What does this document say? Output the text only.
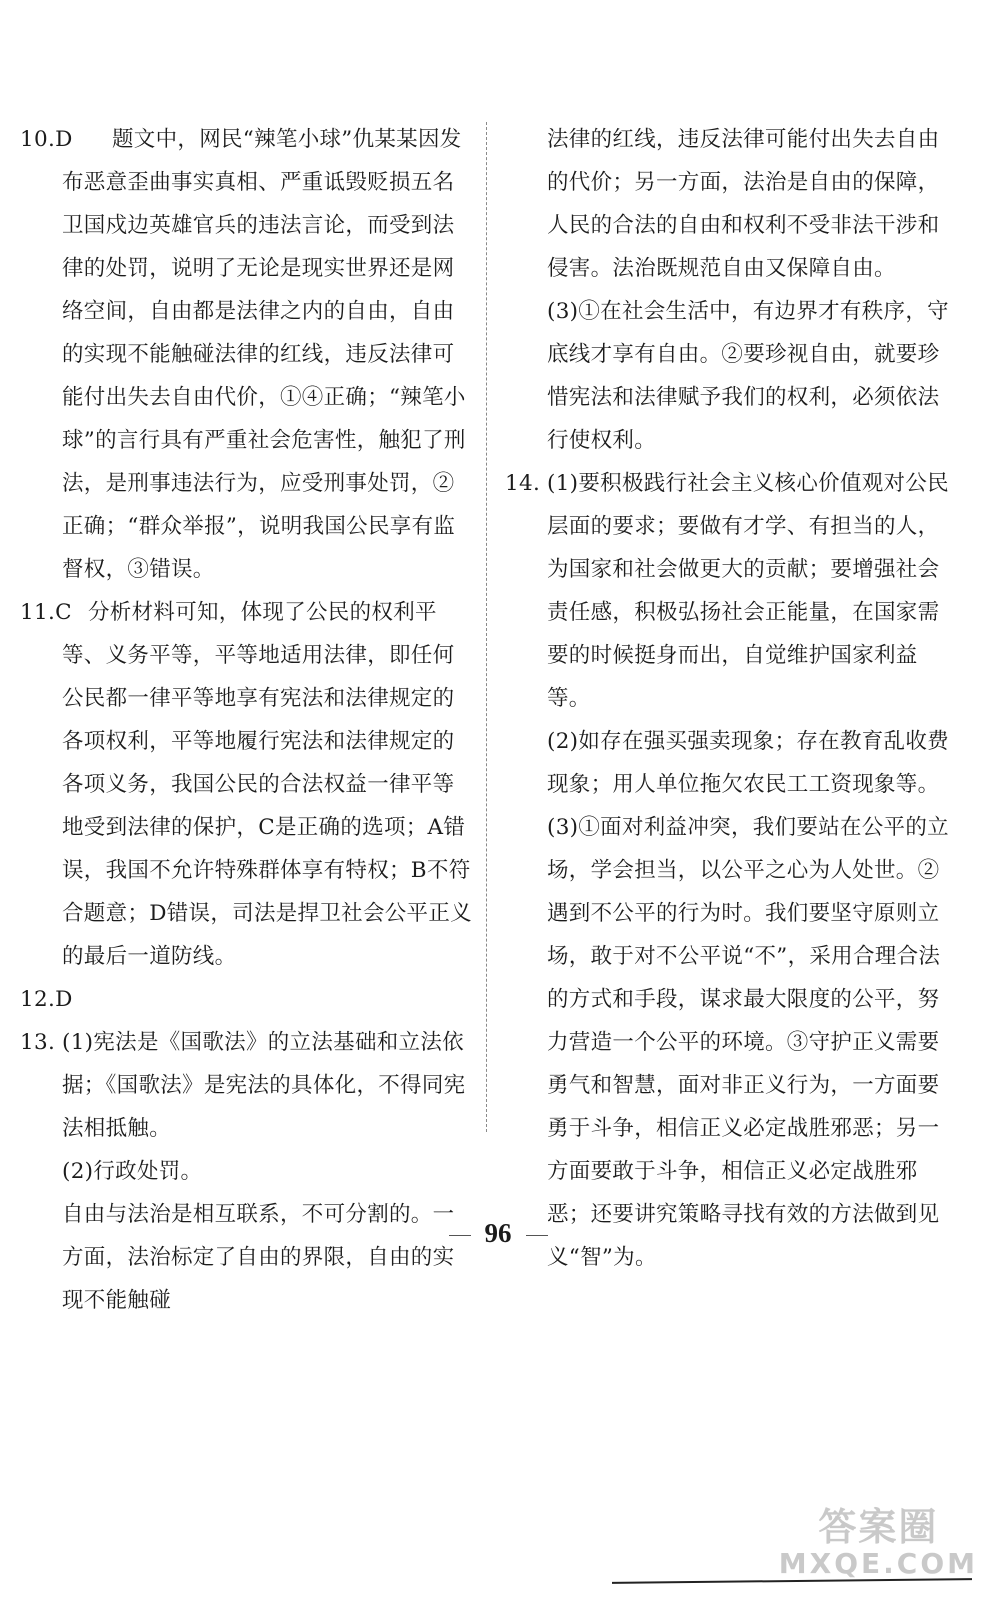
10.D 题文中，网民“辣笔小球”仇某某因发布恶意歪曲事实真相、严重诋毁贬损五名卫国戍边英雄官兵的违法言论，而受到法律的处罚，说明了无论是现实世界还是网络空间，自由都是法律之内的自由，自由的实现不能触碰法律的红线，违反法律可能付出失去自由代价，①④正确；“辣笔小球”的言行具有严重社会危害性，触犯了刑法，是刑事违法行为，应受刑事处罚，②正确；“群众举报”，说明我国公民享有监督权，③错误。
11.C 分析材料可知，体现了公民的权利平等、义务平等，平等地适用法律，即任何公民都一律平等地享有宪法和法律规定的各项权利，平等地履行宪法和法律规定的各项义务，我国公民的合法权益一律平等地受到法律的保护，C是正确的选项；A错误，我国不允许特殊群体享有特权；B不符合题意；D错误，司法是捍卫社会公平正义的最后一道防线。
12.D

13. (1)宪法是《国歌法》的立法基础和立法依据；《国歌法》是宪法的具体化，不得同宪法相抵触。
(2)行政处罚。
自由与法治是相互联系，不可分割的。一方面，法治标定了自由的界限，自由的实现不能触碰
法律的红线，违反法律可能付出失去自由的代价；另一方面，法治是自由的保障，人民的合法的自由和权利不受非法干涉和侵害。法治既规范自由又保障自由。
(3)①在社会生活中，有边界才有秩序，守底线才享有自由。②要珍视自由，就要珍惜宪法和法律赋予我们的权利，必须依法行使权利。
14. (1)要积极践行社会主义核心价值观对公民层面的要求；要做有才学、有担当的人，为国家和社会做更大的贡献；要增强社会责任感，积极弘扬社会正能量，在国家需要的时候挺身而出，自觉维护国家利益等。
(2)如存在强买强卖现象；存在教育乱收费现象；用人单位拖欠农民工工资现象等。
(3)①面对利益冲突，我们要站在公平的立场，学会担当，以公平之心为人处世。②遇到不公平的行为时。我们要坚守原则立场，敢于对不公平说“不”，采用合理合法的方式和手段，谋求最大限度的公平，努力营造一个公平的环境。③守护正义需要勇气和智慧，面对非正义行为，一方面要勇于斗争，相信正义必定战胜邪恶；另一方面要敢于斗争，相信正义必定战胜邪恶；还要讲究策略寻找有效的方法做到见义“智”为。
96
答案圈
MXQE.COM
